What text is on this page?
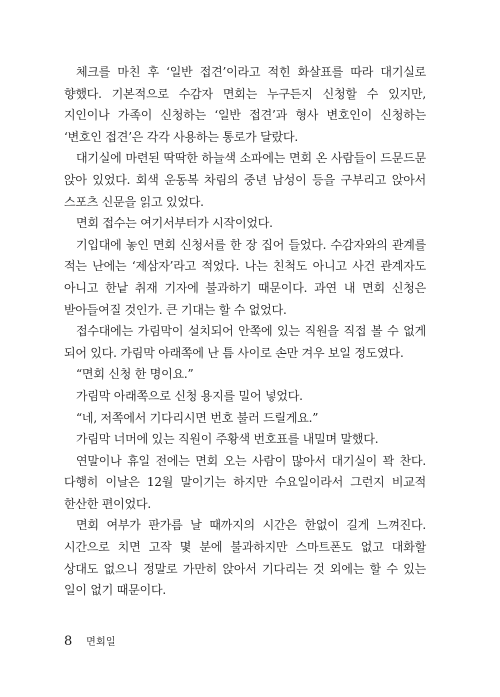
체크를 마친 후 ‘일반 접견’이라고 적힌 화살표를 따라 대기실로 향했다. 기본적으로 수감자 면회는 누구든지 신청할 수 있지만, 지인이나 가족이 신청하는 ‘일반 접견’과 형사 변호인이 신청하는 ‘변호인 접견’은 각각 사용하는 통로가 달랐다.

대기실에 마련된 딱딱한 하늘색 소파에는 면회 온 사람들이 드문드문 앉아 있었다. 회색 운동복 차림의 중년 남성이 등을 구부리고 앉아서 스포츠 신문을 읽고 있었다.

면회 접수는 여기서부터가 시작이었다.

기입대에 놓인 면회 신청서를 한 장 집어 들었다. 수감자와의 관계를 적는 난에는 ‘제삼자’라고 적었다. 나는 친척도 아니고 사건 관계자도 아니고 한낱 취재 기자에 불과하기 때문이다. 과연 내 면회 신청은 받아들여질 것인가. 큰 기대는 할 수 없었다.

접수대에는 가림막이 설치되어 안쪽에 있는 직원을 직접 볼 수 없게 되어 있다. 가림막 아래쪽에 난 틈 사이로 손만 겨우 보일 정도였다.

“면회 신청 한 명이요.”

가림막 아래쪽으로 신청 용지를 밀어 넣었다.

“네, 저쪽에서 기다리시면 번호 불러 드릴게요.”

가림막 너머에 있는 직원이 주황색 번호표를 내밀며 말했다.

연말이나 휴일 전에는 면회 오는 사람이 많아서 대기실이 꽉 찬다. 다행히 이날은 12월 말이기는 하지만 수요일이라서 그런지 비교적 한산한 편이었다.

면회 여부가 판가름 날 때까지의 시간은 한없이 길게 느껴진다. 시간으로 치면 고작 몇 분에 불과하지만 스마트폰도 없고 대화할 상대도 없으니 정말로 가만히 앉아서 기다리는 것 외에는 할 수 있는 일이 없기 때문이다.

8 면회일
